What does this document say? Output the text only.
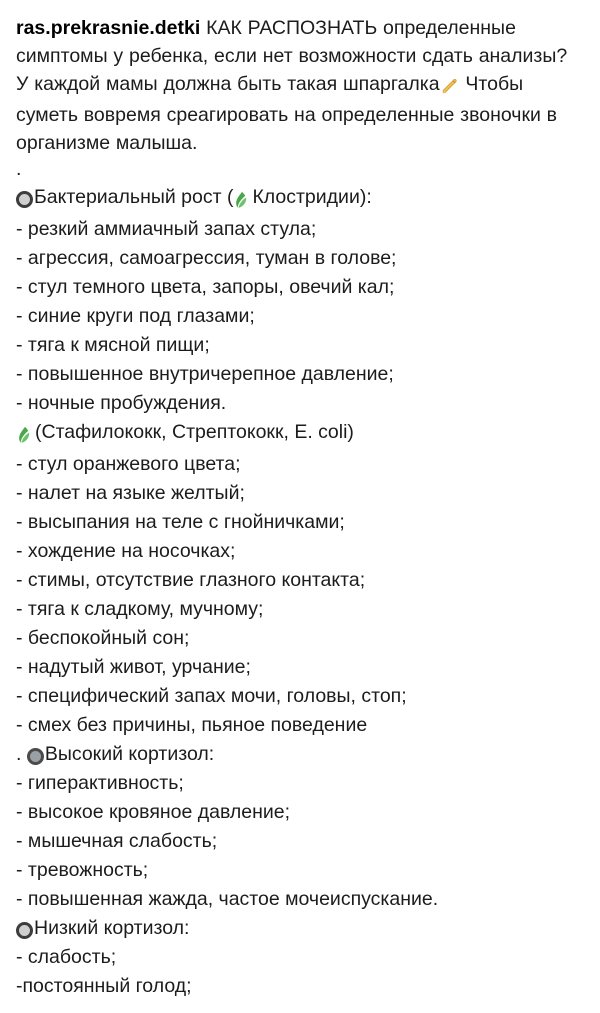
ras.prekrasnie.detki КАК РАСПОЗНАТЬ определенные симптомы у ребенка, если нет возможности сдать анализы? У каждой мамы должна быть такая шпаргалка Чтобы суметь вовремя среагировать на определенные звоночки в организме малыша.

.

Бактериальный рост ( Клостридии):
- резкий аммиачный запах стула;
- агрессия, самоагрессия, туман в голове;
- стул темного цвета, запоры, овечий кал;
- синие круги под глазами;
- тяга к мясной пищи;
- повышенное внутричерепное давление;
- ночные пробуждения.
(Стафилококк, Стрептококк, E. coli)
- стул оранжевого цвета;
- налет на языке желтый;
- высыпания на теле с гнойничками;
- хождение на носочках;
- стимы, отсутствие глазного контакта;
- тяга к сладкому, мучному;
- беспокойный сон;
- надутый живот, урчание;
- специфический запах мочи, головы, стоп;
- смех без причины, пьяное поведение
. Высокий кортизол:
- гиперактивность;
- высокое кровяное давление;
- мышечная слабость;
- тревожность;
- повышенная жажда, частое мочеиспускание.
Низкий кортизол:
- слабость;
-постоянный голод;
